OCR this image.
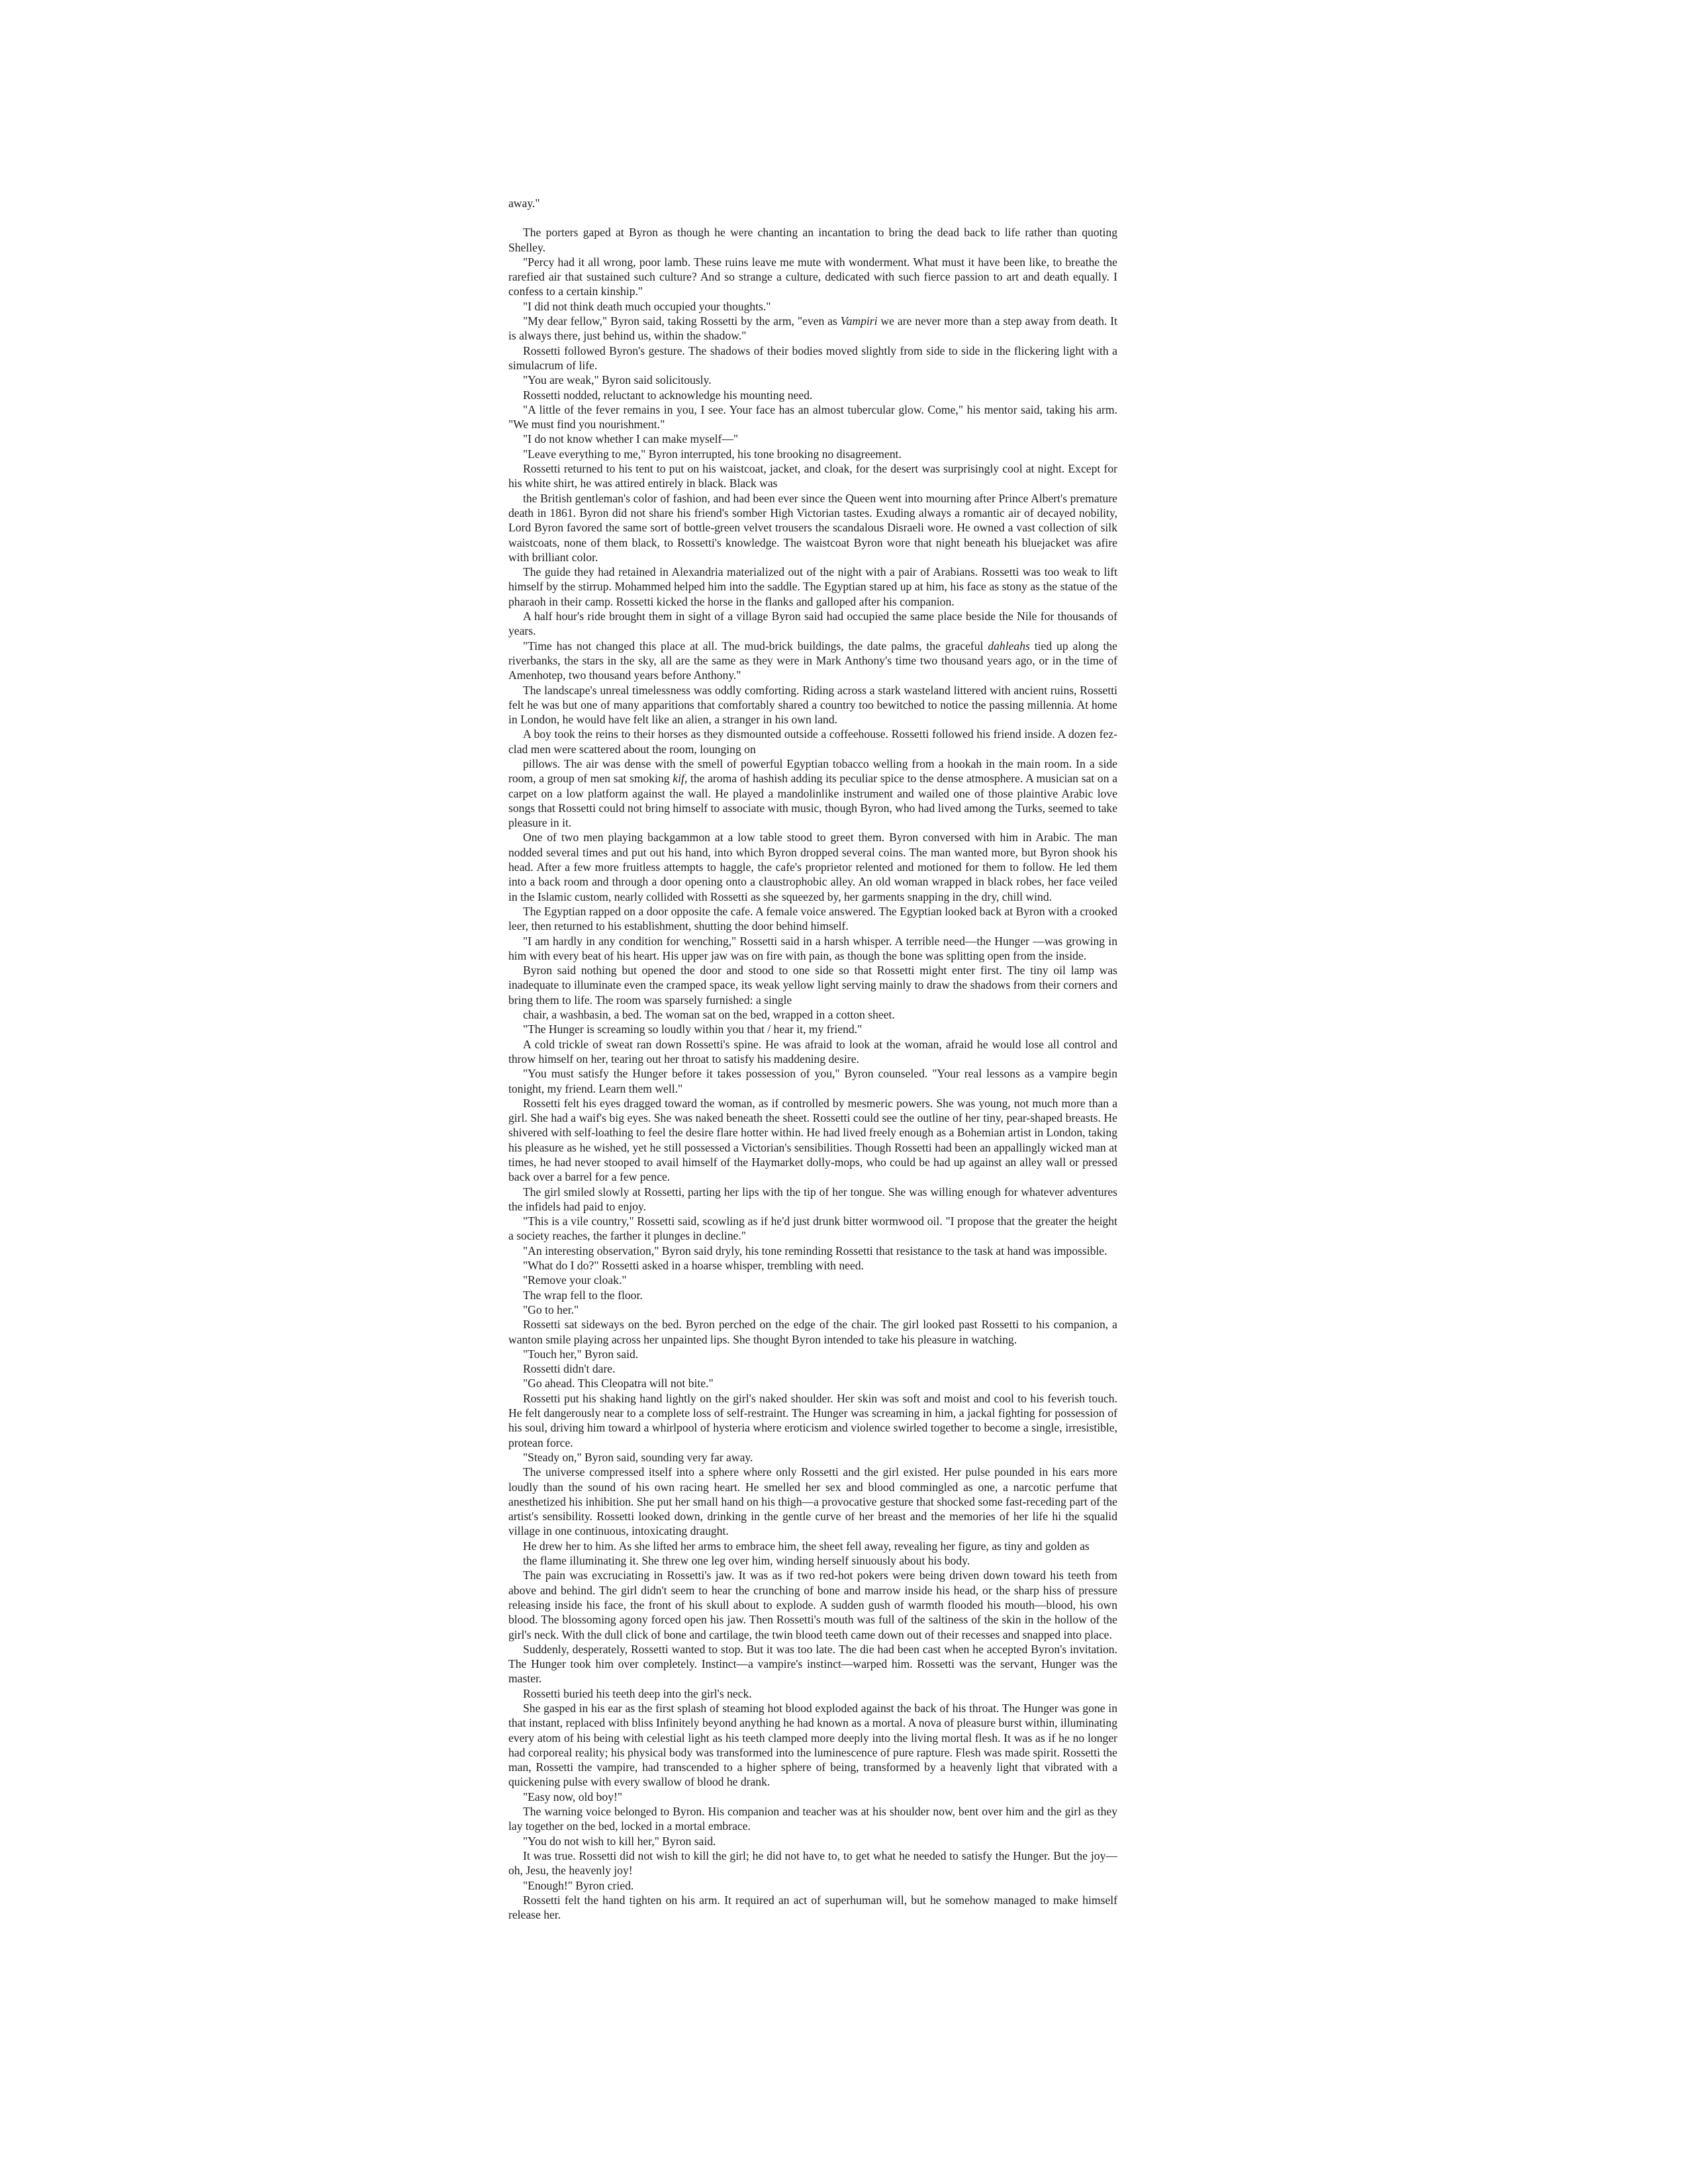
away."

The porters gaped at Byron as though he were chanting an incantation to bring the dead back to life rather than quoting Shelley.

"Percy had it all wrong, poor lamb. These ruins leave me mute with wonderment. What must it have been like, to breathe the rarefied air that sustained such culture? And so strange a culture, dedicated with such fierce passion to art and death equally. I confess to a certain kinship."

"I did not think death much occupied your thoughts."

"My dear fellow," Byron said, taking Rossetti by the arm, "even as Vampiri we are never more than a step away from death. It is always there, just behind us, within the shadow."

Rossetti followed Byron's gesture. The shadows of their bodies moved slightly from side to side in the flickering light with a simulacrum of life.

"You are weak," Byron said solicitously.

Rossetti nodded, reluctant to acknowledge his mounting need.

"A little of the fever remains in you, I see. Your face has an almost tubercular glow. Come," his mentor said, taking his arm. "We must find you nourishment."

"I do not know whether I can make myself—"

"Leave everything to me," Byron interrupted, his tone brooking no disagreement.

Rossetti returned to his tent to put on his waistcoat, jacket, and cloak, for the desert was surprisingly cool at night. Except for his white shirt, he was attired entirely in black. Black was

the British gentleman's color of fashion, and had been ever since the Queen went into mourning after Prince Albert's premature death in 1861. Byron did not share his friend's somber High Victorian tastes. Exuding always a romantic air of decayed nobility, Lord Byron favored the same sort of bottle-green velvet trousers the scandalous Disraeli wore. He owned a vast collection of silk waistcoats, none of them black, to Rossetti's knowledge. The waistcoat Byron wore that night beneath his bluejacket was afire with brilliant color.

The guide they had retained in Alexandria materialized out of the night with a pair of Arabians. Rossetti was too weak to lift himself by the stirrup. Mohammed helped him into the saddle. The Egyptian stared up at him, his face as stony as the statue of the pharaoh in their camp. Rossetti kicked the horse in the flanks and galloped after his companion.

A half hour's ride brought them in sight of a village Byron said had occupied the same place beside the Nile for thousands of years.

"Time has not changed this place at all. The mud-brick buildings, the date palms, the graceful dahleahs tied up along the riverbanks, the stars in the sky, all are the same as they were in Mark Anthony's time two thousand years ago, or in the time of Amenhotep, two thousand years before Anthony."

The landscape's unreal timelessness was oddly comforting. Riding across a stark wasteland littered with ancient ruins, Rossetti felt he was but one of many apparitions that comfortably shared a country too bewitched to notice the passing millennia. At home in London, he would have felt like an alien, a stranger in his own land.

A boy took the reins to their horses as they dismounted outside a coffeehouse. Rossetti followed his friend inside. A dozen fez-clad men were scattered about the room, lounging on

pillows. The air was dense with the smell of powerful Egyptian tobacco welling from a hookah in the main room. In a side room, a group of men sat smoking kif, the aroma of hashish adding its peculiar spice to the dense atmosphere. A musician sat on a carpet on a low platform against the wall. He played a mandolinlike instrument and wailed one of those plaintive Arabic love songs that Rossetti could not bring himself to associate with music, though Byron, who had lived among the Turks, seemed to take pleasure in it.

One of two men playing backgammon at a low table stood to greet them. Byron conversed with him in Arabic. The man nodded several times and put out his hand, into which Byron dropped several coins. The man wanted more, but Byron shook his head. After a few more fruitless attempts to haggle, the cafe's proprietor relented and motioned for them to follow. He led them into a back room and through a door opening onto a claustrophobic alley. An old woman wrapped in black robes, her face veiled in the Islamic custom, nearly collided with Rossetti as she squeezed by, her garments snapping in the dry, chill wind.

The Egyptian rapped on a door opposite the cafe. A female voice answered. The Egyptian looked back at Byron with a crooked leer, then returned to his establishment, shutting the door behind himself.

"I am hardly in any condition for wenching," Rossetti said in a harsh whisper. A terrible need—the Hunger —was growing in him with every beat of his heart. His upper jaw was on fire with pain, as though the bone was splitting open from the inside.

Byron said nothing but opened the door and stood to one side so that Rossetti might enter first. The tiny oil lamp was inadequate to illuminate even the cramped space, its weak yellow light serving mainly to draw the shadows from their corners and bring them to life. The room was sparsely furnished: a single

chair, a washbasin, a bed. The woman sat on the bed, wrapped in a cotton sheet.

"The Hunger is screaming so loudly within you that / hear it, my friend."

A cold trickle of sweat ran down Rossetti's spine. He was afraid to look at the woman, afraid he would lose all control and throw himself on her, tearing out her throat to satisfy his maddening desire.

"You must satisfy the Hunger before it takes possession of you," Byron counseled. "Your real lessons as a vampire begin tonight, my friend. Learn them well."

Rossetti felt his eyes dragged toward the woman, as if controlled by mesmeric powers. She was young, not much more than a girl. She had a waif's big eyes. She was naked beneath the sheet. Rossetti could see the outline of her tiny, pear-shaped breasts. He shivered with self-loathing to feel the desire flare hotter within. He had lived freely enough as a Bohemian artist in London, taking his pleasure as he wished, yet he still possessed a Victorian's sensibilities. Though Rossetti had been an appallingly wicked man at times, he had never stooped to avail himself of the Haymarket dolly-mops, who could be had up against an alley wall or pressed back over a barrel for a few pence.

The girl smiled slowly at Rossetti, parting her lips with the tip of her tongue. She was willing enough for whatever adventures the infidels had paid to enjoy.

"This is a vile country," Rossetti said, scowling as if he'd just drunk bitter wormwood oil. "I propose that the greater the height a society reaches, the farther it plunges in decline."

"An interesting observation," Byron said dryly, his tone reminding Rossetti that resistance to the task at hand was impossible.

"What do I do?" Rossetti asked in a hoarse whisper, trembling with need.

"Remove your cloak."

The wrap fell to the floor.

"Go to her."

Rossetti sat sideways on the bed. Byron perched on the edge of the chair. The girl looked past Rossetti to his companion, a wanton smile playing across her unpainted lips. She thought Byron intended to take his pleasure in watching.

"Touch her," Byron said.

Rossetti didn't dare.

"Go ahead. This Cleopatra will not bite."

Rossetti put his shaking hand lightly on the girl's naked shoulder. Her skin was soft and moist and cool to his feverish touch. He felt dangerously near to a complete loss of self-restraint. The Hunger was screaming in him, a jackal fighting for possession of his soul, driving him toward a whirlpool of hysteria where eroticism and violence swirled together to become a single, irresistible, protean force.

"Steady on," Byron said, sounding very far away.

The universe compressed itself into a sphere where only Rossetti and the girl existed. Her pulse pounded in his ears more loudly than the sound of his own racing heart. He smelled her sex and blood commingled as one, a narcotic perfume that anesthetized his inhibition. She put her small hand on his thigh—a provocative gesture that shocked some fast-receding part of the artist's sensibility. Rossetti looked down, drinking in the gentle curve of her breast and the memories of her life hi the squalid village in one continuous, intoxicating draught.

He drew her to him. As she lifted her arms to embrace him, the sheet fell away, revealing her figure, as tiny and golden as

the flame illuminating it. She threw one leg over him, winding herself sinuously about his body.

The pain was excruciating in Rossetti's jaw. It was as if two red-hot pokers were being driven down toward his teeth from above and behind. The girl didn't seem to hear the crunching of bone and marrow inside his head, or the sharp hiss of pressure releasing inside his face, the front of his skull about to explode. A sudden gush of warmth flooded his mouth—blood, his own blood. The blossoming agony forced open his jaw. Then Rossetti's mouth was full of the saltiness of the skin in the hollow of the girl's neck. With the dull click of bone and cartilage, the twin blood teeth came down out of their recesses and snapped into place.

Suddenly, desperately, Rossetti wanted to stop. But it was too late. The die had been cast when he accepted Byron's invitation. The Hunger took him over completely. Instinct—a vampire's instinct—warped him. Rossetti was the servant, Hunger was the master.

Rossetti buried his teeth deep into the girl's neck.

She gasped in his ear as the first splash of steaming hot blood exploded against the back of his throat. The Hunger was gone in that instant, replaced with bliss Infinitely beyond anything he had known as a mortal. A nova of pleasure burst within, illuminating every atom of his being with celestial light as his teeth clamped more deeply into the living mortal flesh. It was as if he no longer had corporeal reality; his physical body was transformed into the luminescence of pure rapture. Flesh was made spirit. Rossetti the man, Rossetti the vampire, had transcended to a higher sphere of being, transformed by a heavenly light that vibrated with a quickening pulse with every swallow of blood he drank.

"Easy now, old boy!"

The warning voice belonged to Byron. His companion and teacher was at his shoulder now, bent over him and the girl as they lay together on the bed, locked in a mortal embrace.

"You do not wish to kill her," Byron said.

It was true. Rossetti did not wish to kill the girl; he did not have to, to get what he needed to satisfy the Hunger. But the joy—oh, Jesu, the heavenly joy!

"Enough!" Byron cried.

Rossetti felt the hand tighten on his arm. It required an act of superhuman will, but he somehow managed to make himself release her.
